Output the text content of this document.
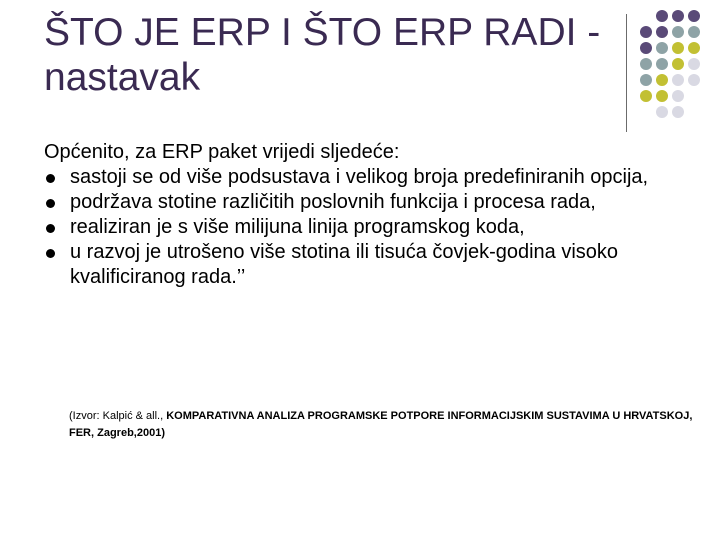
ŠTO JE ERP I ŠTO ERP RADI -
nastavak

Općenito, za ERP paket vrijedi sljedeće:

sastoji se od više podsustava i velikog broja predefiniranih opcija,
podržava stotine različitih poslovnih funkcija i procesa rada,
realiziran je s više milijuna linija programskog koda,
u razvoj je utrošeno više stotina ili tisuća čovjek-godina visoko kvalificiranog rada.’’
(Izvor: Kalpić & all., KOMPARATIVNA ANALIZA PROGRAMSKE POTPORE INFORMACIJSKIM SUSTAVIMA U HRVATSKOJ, FER, Zagreb,2001)
